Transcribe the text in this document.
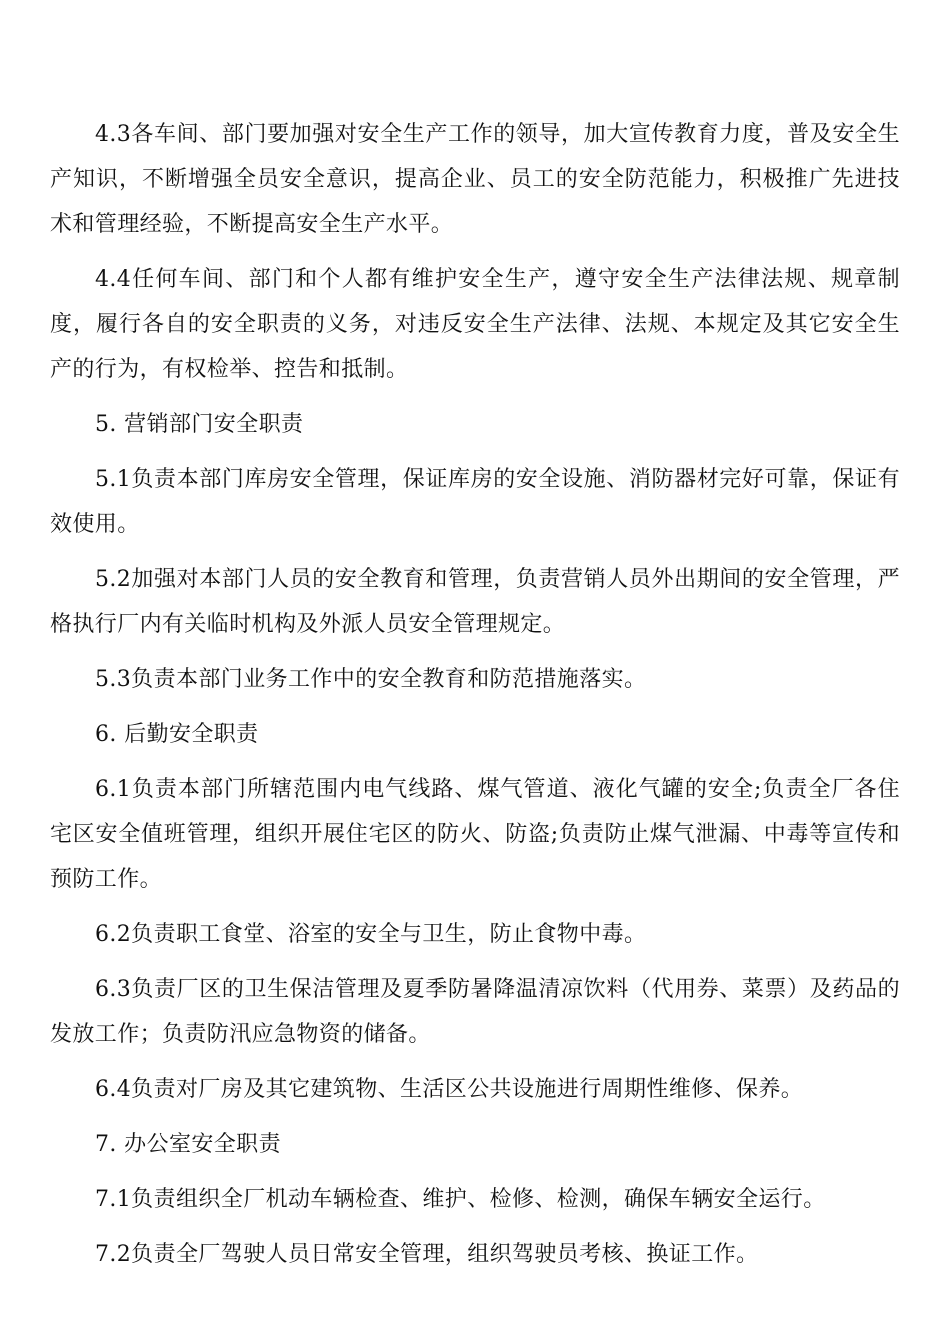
4.3各车间、部门要加强对安全生产工作的领导，加大宣传教育力度，普及安全生产知识，不断增强全员安全意识，提高企业、员工的安全防范能力，积极推广先进技术和管理经验，不断提高安全生产水平。

4.4任何车间、部门和个人都有维护安全生产，遵守安全生产法律法规、规章制度，履行各自的安全职责的义务，对违反安全生产法律、法规、本规定及其它安全生产的行为，有权检举、控告和抵制。

5. 营销部门安全职责

5.1负责本部门库房安全管理，保证库房的安全设施、消防器材完好可靠，保证有效使用。

5.2加强对本部门人员的安全教育和管理，负责营销人员外出期间的安全管理，严格执行厂内有关临时机构及外派人员安全管理规定。

5.3负责本部门业务工作中的安全教育和防范措施落实。

6. 后勤安全职责

6.1负责本部门所辖范围内电气线路、煤气管道、液化气罐的安全;负责全厂各住宅区安全值班管理，组织开展住宅区的防火、防盗;负责防止煤气泄漏、中毒等宣传和预防工作。

6.2负责职工食堂、浴室的安全与卫生，防止食物中毒。

6.3负责厂区的卫生保洁管理及夏季防暑降温清凉饮料（代用券、菜票）及药品的发放工作；负责防汛应急物资的储备。

6.4负责对厂房及其它建筑物、生活区公共设施进行周期性维修、保养。

7. 办公室安全职责

7.1负责组织全厂机动车辆检查、维护、检修、检测，确保车辆安全运行。

7.2负责全厂驾驶人员日常安全管理，组织驾驶员考核、换证工作。
